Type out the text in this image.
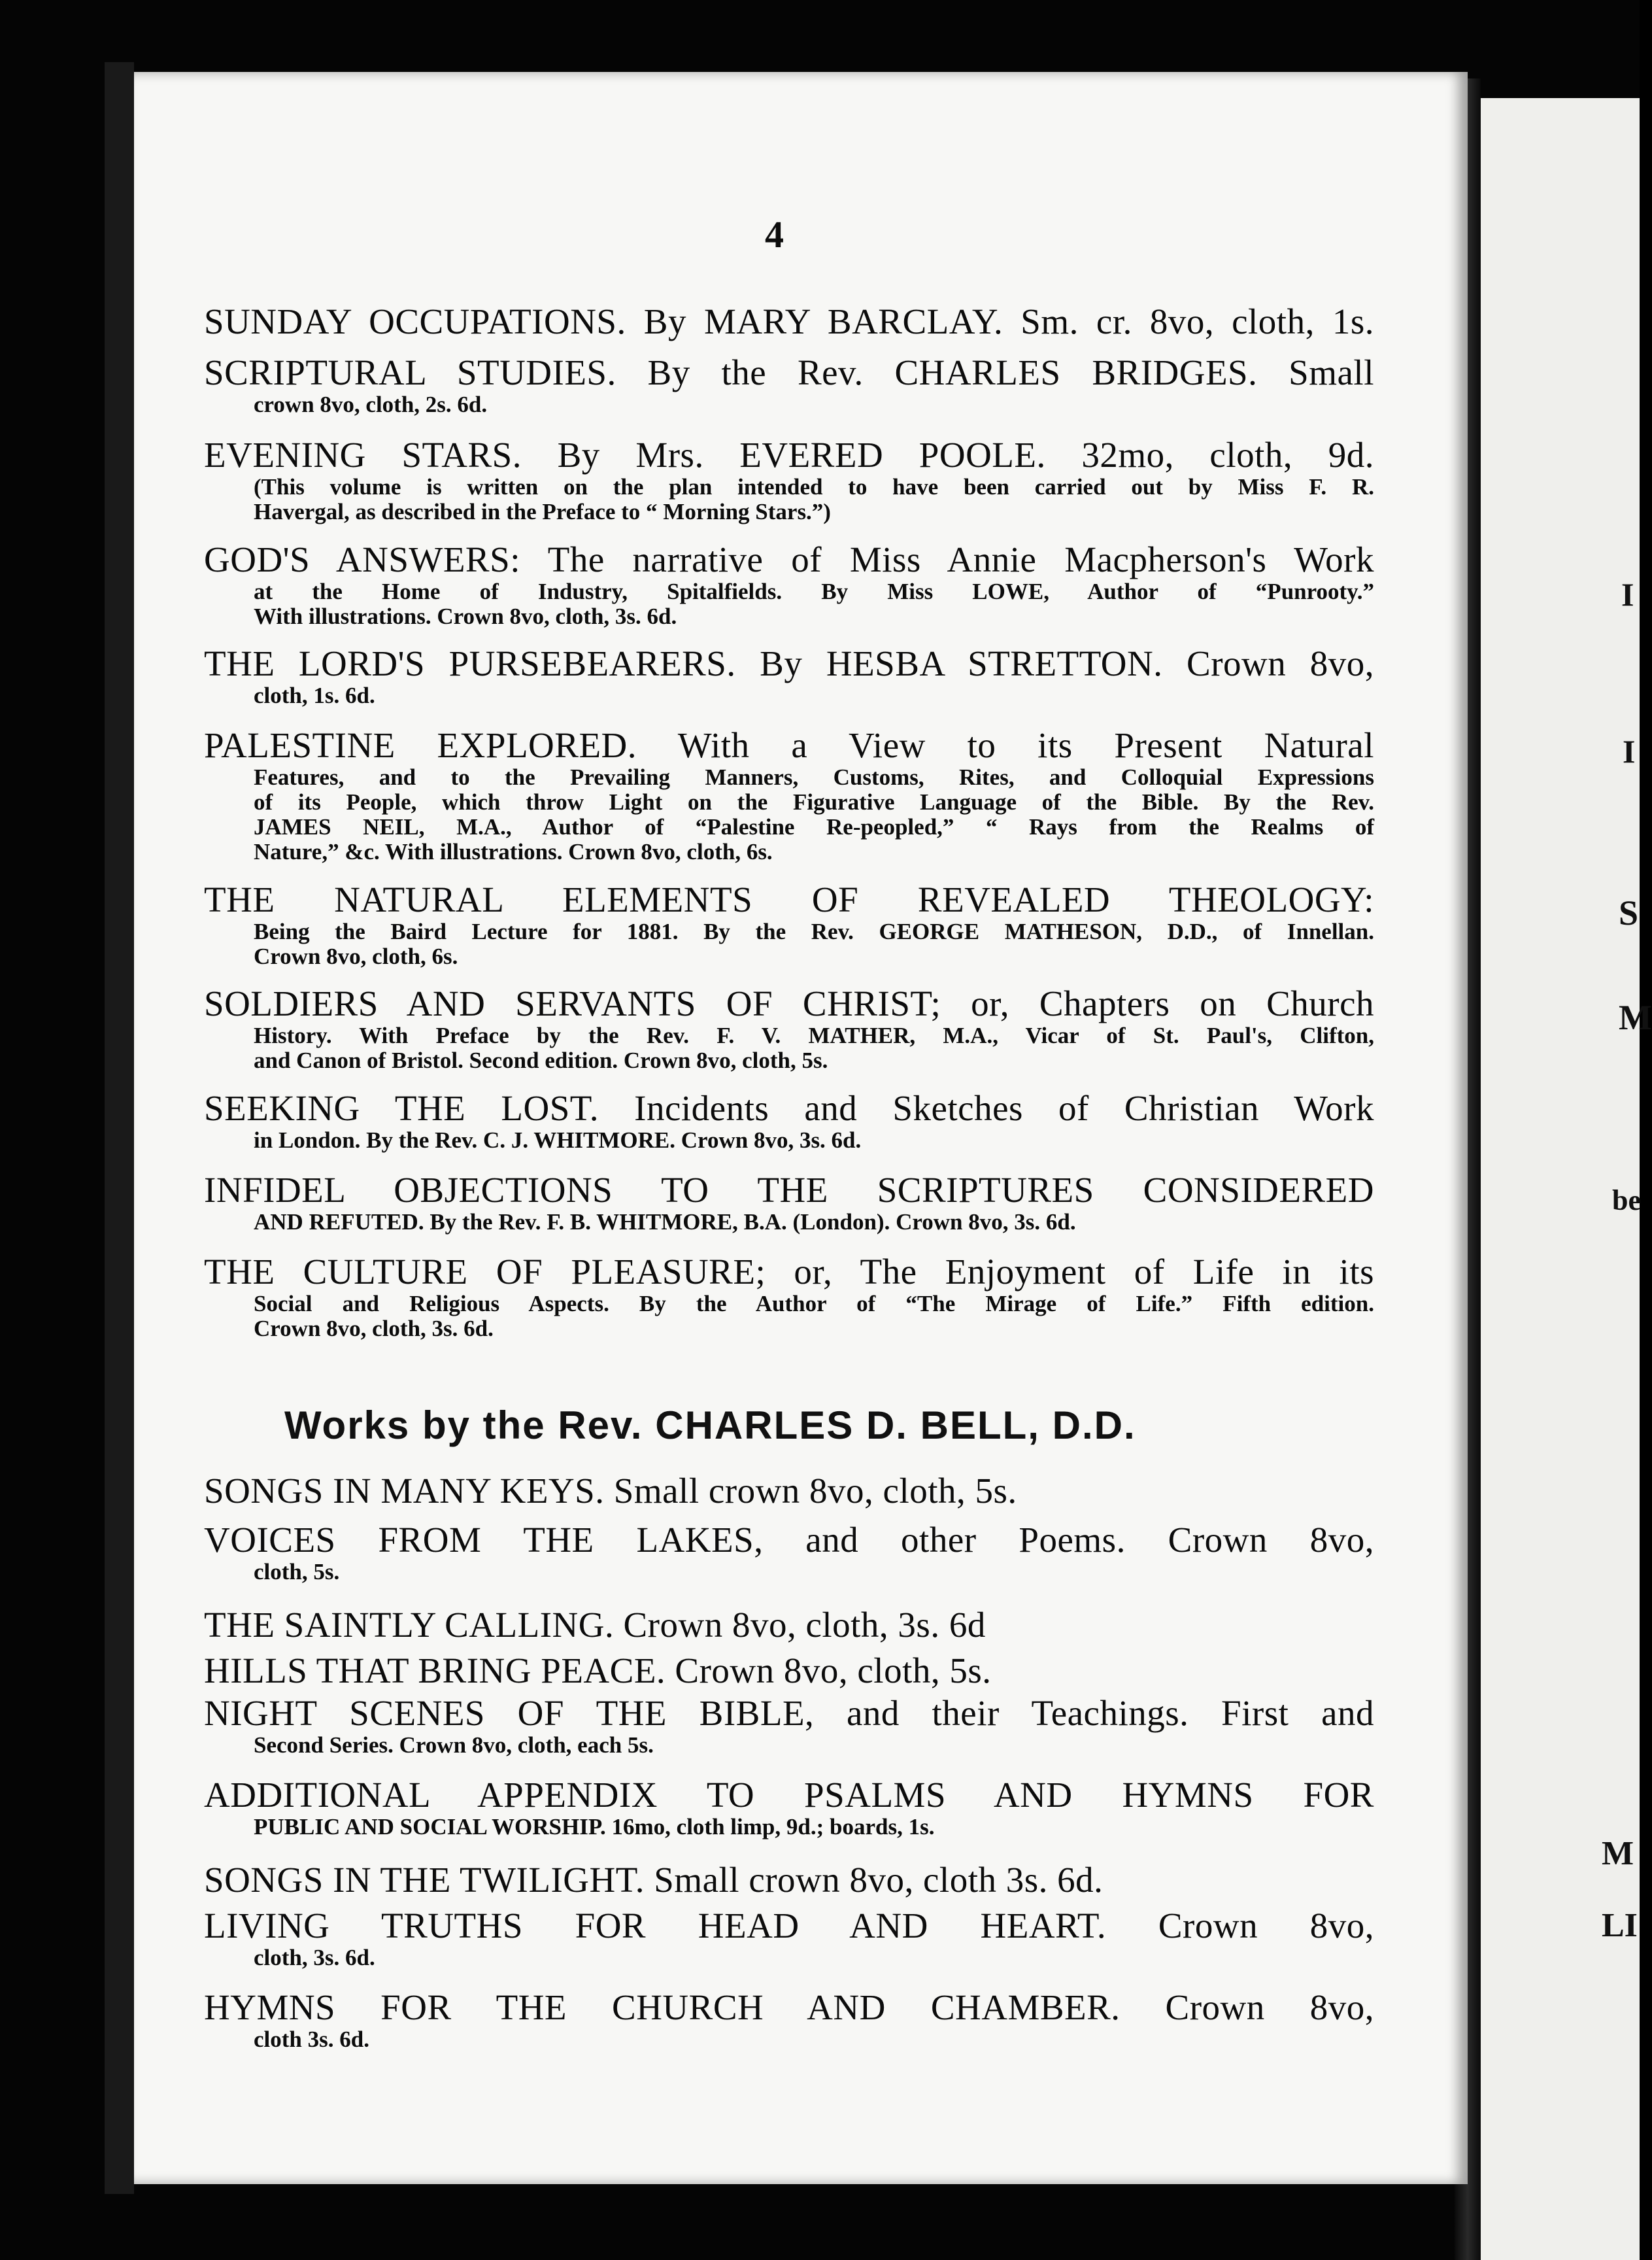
I
I
S
M
be
M
LI
4
SUNDAY OCCUPATIONS. By MARY BARCLAY. Sm. cr. 8vo, cloth, 1s.
SCRIPTURAL STUDIES. By the Rev. CHARLES BRIDGES. Small
crown 8vo, cloth, 2s. 6d.
EVENING STARS. By Mrs. EVERED POOLE. 32mo, cloth, 9d.
(This volume is written on the plan intended to have been carried out by Miss F. R.
Havergal, as described in the Preface to “ Morning Stars.”)
GOD'S ANSWERS: The narrative of Miss Annie Macpherson's Work
at the Home of Industry, Spitalfields. By Miss LOWE, Author of “Punrooty.”
With illustrations. Crown 8vo, cloth, 3s. 6d.
THE LORD'S PURSEBEARERS. By HESBA STRETTON. Crown 8vo,
cloth, 1s. 6d.
PALESTINE EXPLORED. With a View to its Present Natural
Features, and to the Prevailing Manners, Customs, Rites, and Colloquial Expressions
of its People, which throw Light on the Figurative Language of the Bible. By the Rev.
JAMES NEIL, M.A., Author of “Palestine Re-peopled,” “ Rays from the Realms of
Nature,” &c. With illustrations. Crown 8vo, cloth, 6s.
THE NATURAL ELEMENTS OF REVEALED THEOLOGY:
Being the Baird Lecture for 1881. By the Rev. GEORGE MATHESON, D.D., of Innellan.
Crown 8vo, cloth, 6s.
SOLDIERS AND SERVANTS OF CHRIST; or, Chapters on Church
History. With Preface by the Rev. F. V. MATHER, M.A., Vicar of St. Paul's, Clifton,
and Canon of Bristol. Second edition. Crown 8vo, cloth, 5s.
SEEKING THE LOST. Incidents and Sketches of Christian Work
in London. By the Rev. C. J. WHITMORE. Crown 8vo, 3s. 6d.
INFIDEL OBJECTIONS TO THE SCRIPTURES CONSIDERED
AND REFUTED. By the Rev. F. B. WHITMORE, B.A. (London). Crown 8vo, 3s. 6d.
THE CULTURE OF PLEASURE; or, The Enjoyment of Life in its
Social and Religious Aspects. By the Author of “The Mirage of Life.” Fifth edition.
Crown 8vo, cloth, 3s. 6d.
Works by the Rev. CHARLES D. BELL, D.D.
SONGS IN MANY KEYS. Small crown 8vo, cloth, 5s.
VOICES FROM THE LAKES, and other Poems. Crown 8vo,
cloth, 5s.
THE SAINTLY CALLING. Crown 8vo, cloth, 3s. 6d
HILLS THAT BRING PEACE. Crown 8vo, cloth, 5s.
NIGHT SCENES OF THE BIBLE, and their Teachings. First and
Second Series. Crown 8vo, cloth, each 5s.
ADDITIONAL APPENDIX TO PSALMS AND HYMNS FOR
PUBLIC AND SOCIAL WORSHIP. 16mo, cloth limp, 9d.; boards, 1s.
SONGS IN THE TWILIGHT. Small crown 8vo, cloth 3s. 6d.
LIVING TRUTHS FOR HEAD AND HEART. Crown 8vo,
cloth, 3s. 6d.
HYMNS FOR THE CHURCH AND CHAMBER. Crown 8vo,
cloth 3s. 6d.
